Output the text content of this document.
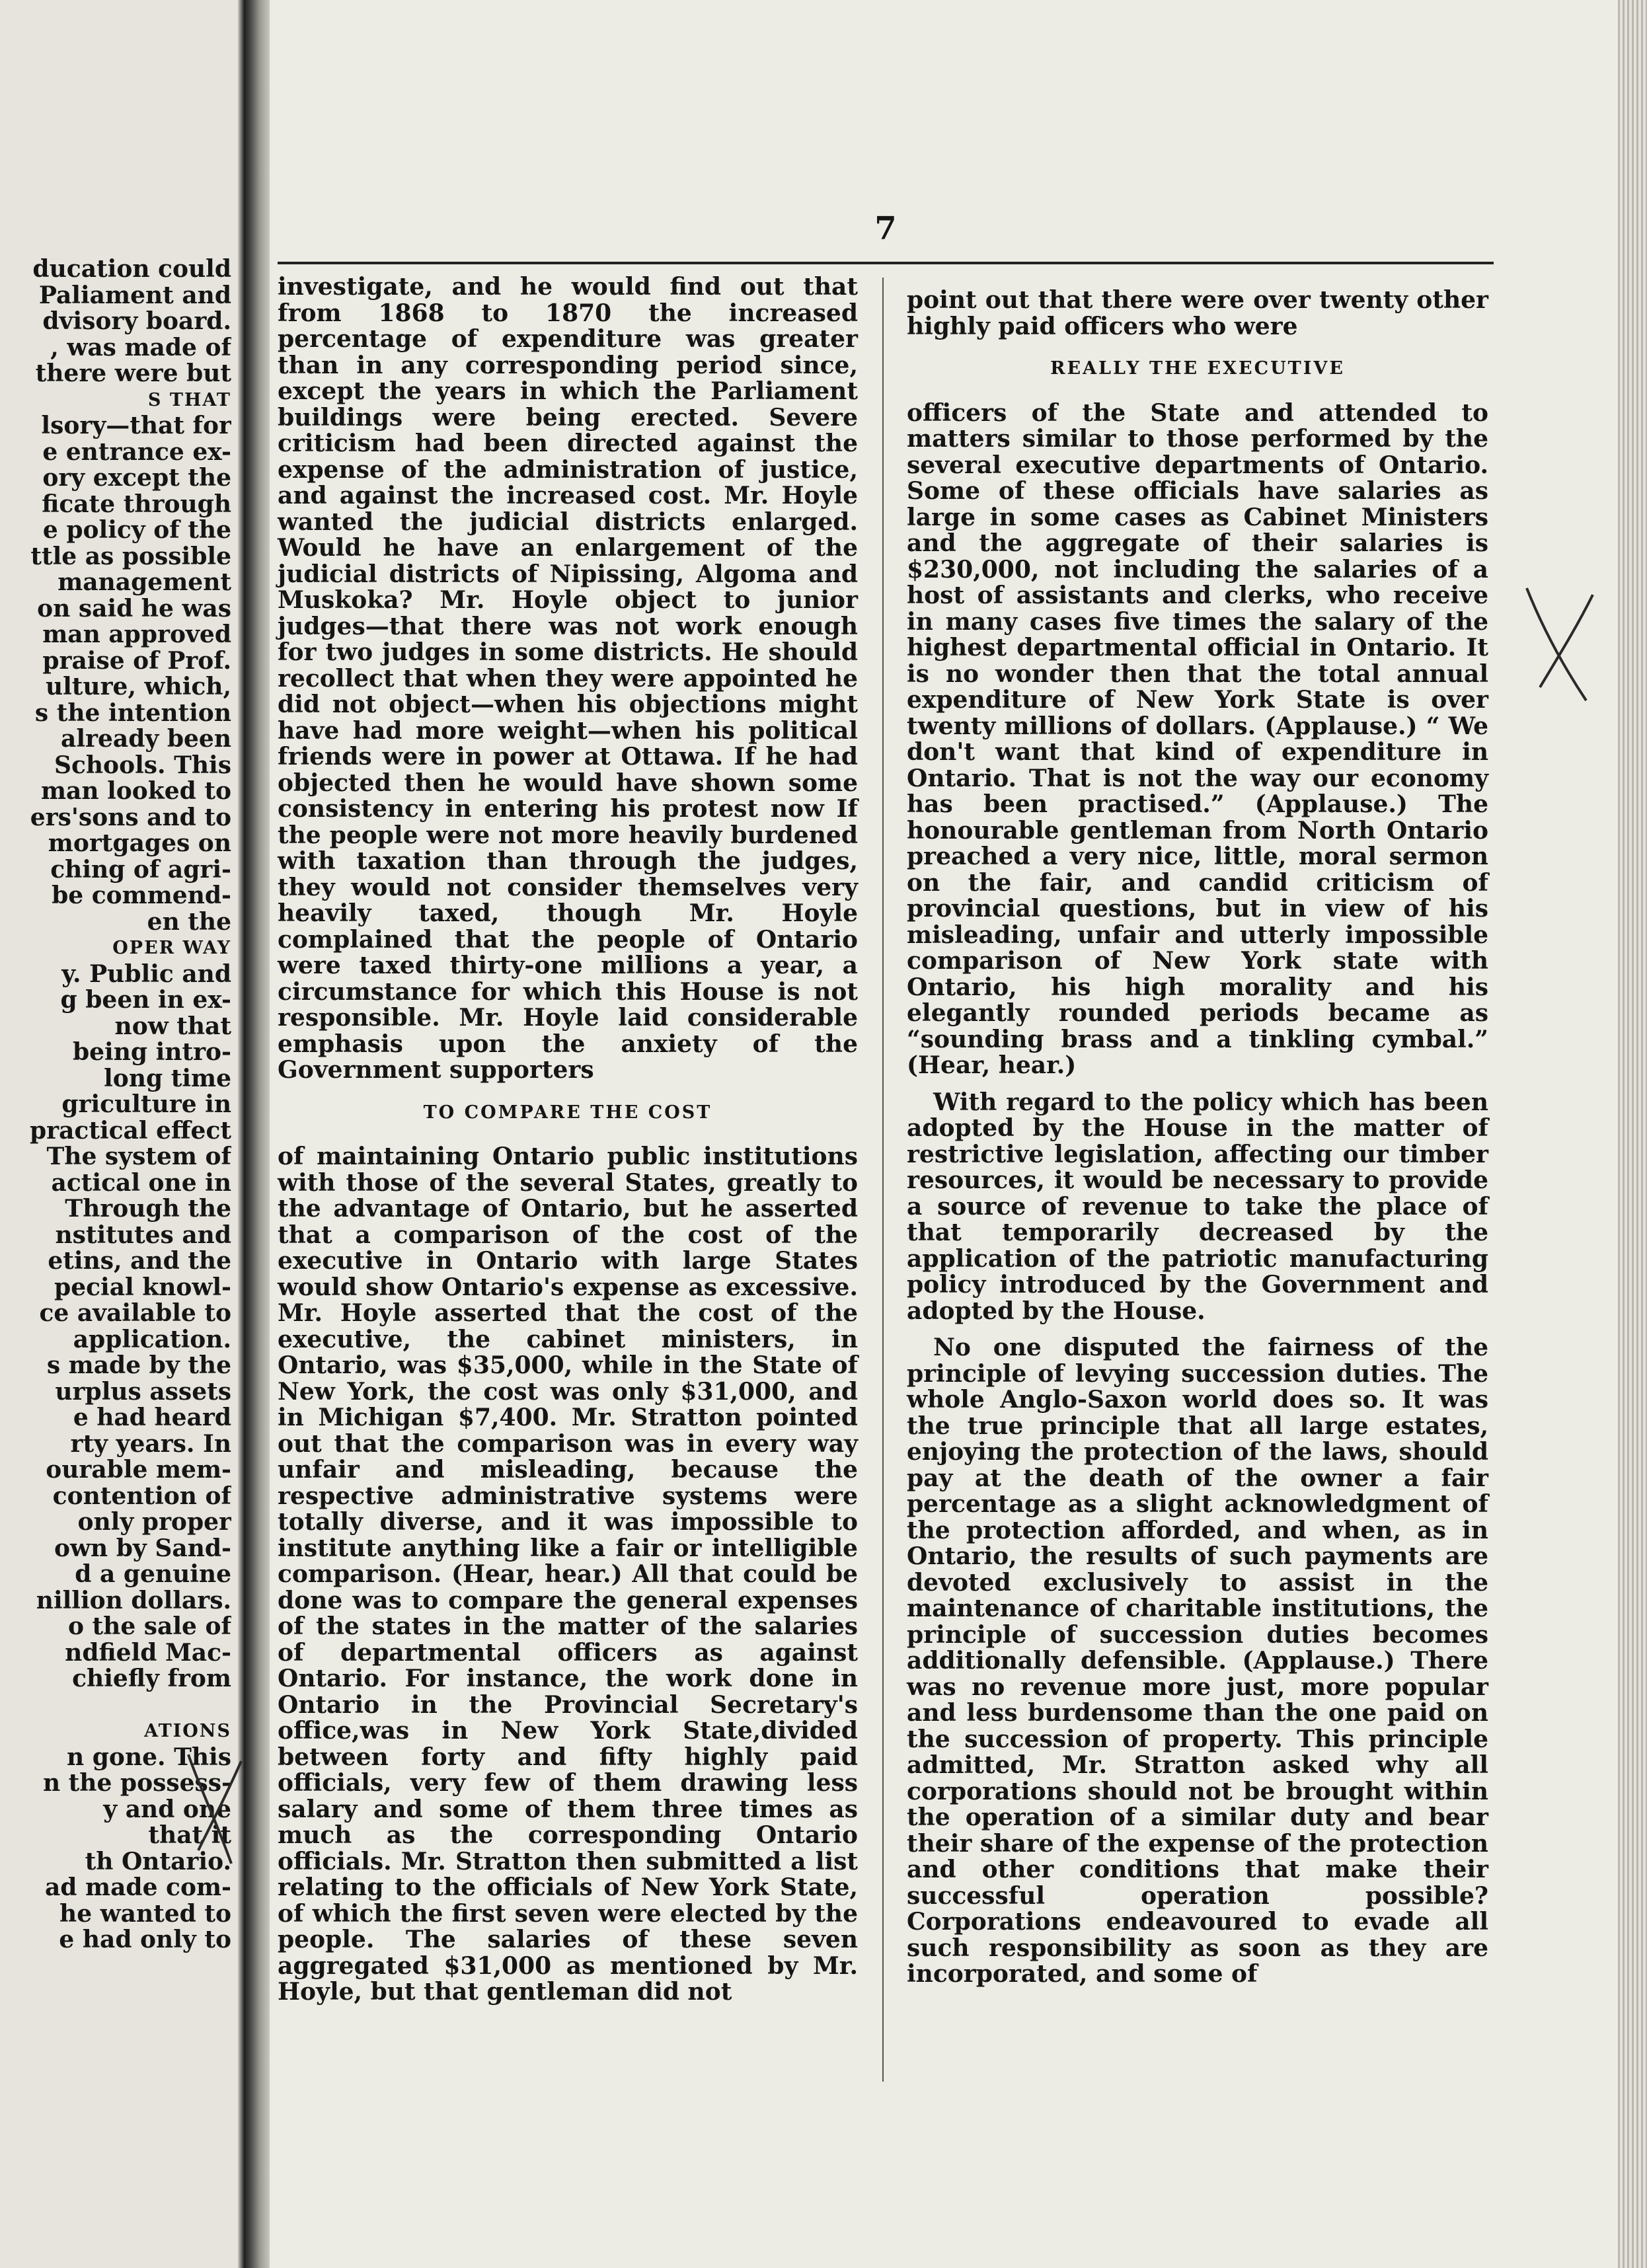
ducation could
Paliament and
dvisory board.
, was made of
there were but
S THAT
lsory—that for
e entrance ex-
ory except the
ficate through
e policy of the
ttle as possible
management
on said he was
man approved
praise of Prof.
ulture, which,
s the intention
already been
Schools. This
man looked to
ers'sons and to
mortgages on
ching of agri-
be commend-
en the
OPER WAY
y. Public and
g been in ex-
now that
being intro-
long time
griculture in
practical effect
The system of
actical one in
Through the
nstitutes and
etins, and the
pecial knowl-
ce available to
application.
s made by the
urplus assets
e had heard
rty years. In
ourable mem-
contention of
only proper
own by Sand-
d a genuine
nillion dollars.
o the sale of
ndfield Mac-
chiefly from
ATIONS
n gone. This
n the possess-
y and one
that it
th Ontario.
ad made com-
he wanted to
e had only to
7

investigate, and he would find out that from 1868 to 1870 the increased percentage of expenditure was greater than in any corresponding period since, except the years in which the Parliament buildings were being erected. Severe criticism had been directed against the expense of the administration of justice, and against the increased cost. Mr. Hoyle wanted the judicial districts enlarged. Would he have an enlargement of the judicial districts of Nipissing, Algoma and Muskoka? Mr. Hoyle object to junior judges—that there was not work enough for two judges in some districts. He should recollect that when they were appointed he did not object—when his objections might have had more weight—when his political friends were in power at Ottawa. If he had objected then he would have shown some consistency in entering his protest now If the people were not more heavily burdened with taxation than through the judges, they would not consider themselves very heavily taxed, though Mr. Hoyle complained that the people of Ontario were taxed thirty-one millions a year, a circumstance for which this House is not responsible. Mr. Hoyle laid considerable emphasis upon the anxiety of the Government supporters

TO COMPARE THE COST

of maintaining Ontario public institutions with those of the several States, greatly to the advantage of Ontario, but he asserted that a comparison of the cost of the executive in Ontario with large States would show Ontario's expense as excessive. Mr. Hoyle asserted that the cost of the executive, the cabinet ministers, in Ontario, was $35,000, while in the State of New York, the cost was only $31,000, and in Michigan $7,400. Mr. Stratton pointed out that the comparison was in every way unfair and misleading, because the respective administrative systems were totally diverse, and it was impossible to institute anything like a fair or intelligible comparison. (Hear, hear.) All that could be done was to compare the general expenses of the states in the matter of the salaries of departmental officers as against Ontario. For instance, the work done in Ontario in the Provincial Secretary's office,was in New York State,divided between forty and fifty highly paid officials, very few of them drawing less salary and some of them three times as much as the corresponding Ontario officials. Mr. Stratton then submitted a list relating to the officials of New York State, of which the first seven were elected by the people. The salaries of these seven aggregated $31,000 as mentioned by Mr. Hoyle, but that gentleman did not

point out that there were over twenty other highly paid officers who were

REALLY THE EXECUTIVE

officers of the State and attended to matters similar to those performed by the several executive departments of Ontario. Some of these officials have salaries as large in some cases as Cabinet Ministers and the aggregate of their salaries is $230,000, not including the salaries of a host of assistants and clerks, who receive in many cases five times the salary of the highest departmental official in Ontario. It is no wonder then that the total annual expenditure of New York State is over twenty millions of dollars. (Applause.) “ We don't want that kind of expenditure in Ontario. That is not the way our economy has been practised.” (Applause.) The honourable gentleman from North Ontario preached a very nice, little, moral sermon on the fair, and candid criticism of provincial questions, but in view of his misleading, unfair and utterly impossible comparison of New York state with Ontario, his high morality and his elegantly rounded periods became as “sounding brass and a tinkling cymbal.” (Hear, hear.)

With regard to the policy which has been adopted by the House in the matter of restrictive legislation, affecting our timber resources, it would be necessary to provide a source of revenue to take the place of that temporarily decreased by the application of the patriotic manufacturing policy introduced by the Government and adopted by the House.

No one disputed the fairness of the principle of levying succession duties. The whole Anglo-Saxon world does so. It was the true principle that all large estates, enjoying the protection of the laws, should pay at the death of the owner a fair percentage as a slight acknowledgment of the protection afforded, and when, as in Ontario, the results of such payments are devoted exclusively to assist in the maintenance of charitable institutions, the principle of succession duties becomes additionally defensible. (Applause.) There was no revenue more just, more popular and less burdensome than the one paid on the succession of property. This principle admitted, Mr. Stratton asked why all corporations should not be brought within the operation of a similar duty and bear their share of the expense of the protection and other conditions that make their successful operation possible? Corporations endeavoured to evade all such responsibility as soon as they are incorporated, and some of
